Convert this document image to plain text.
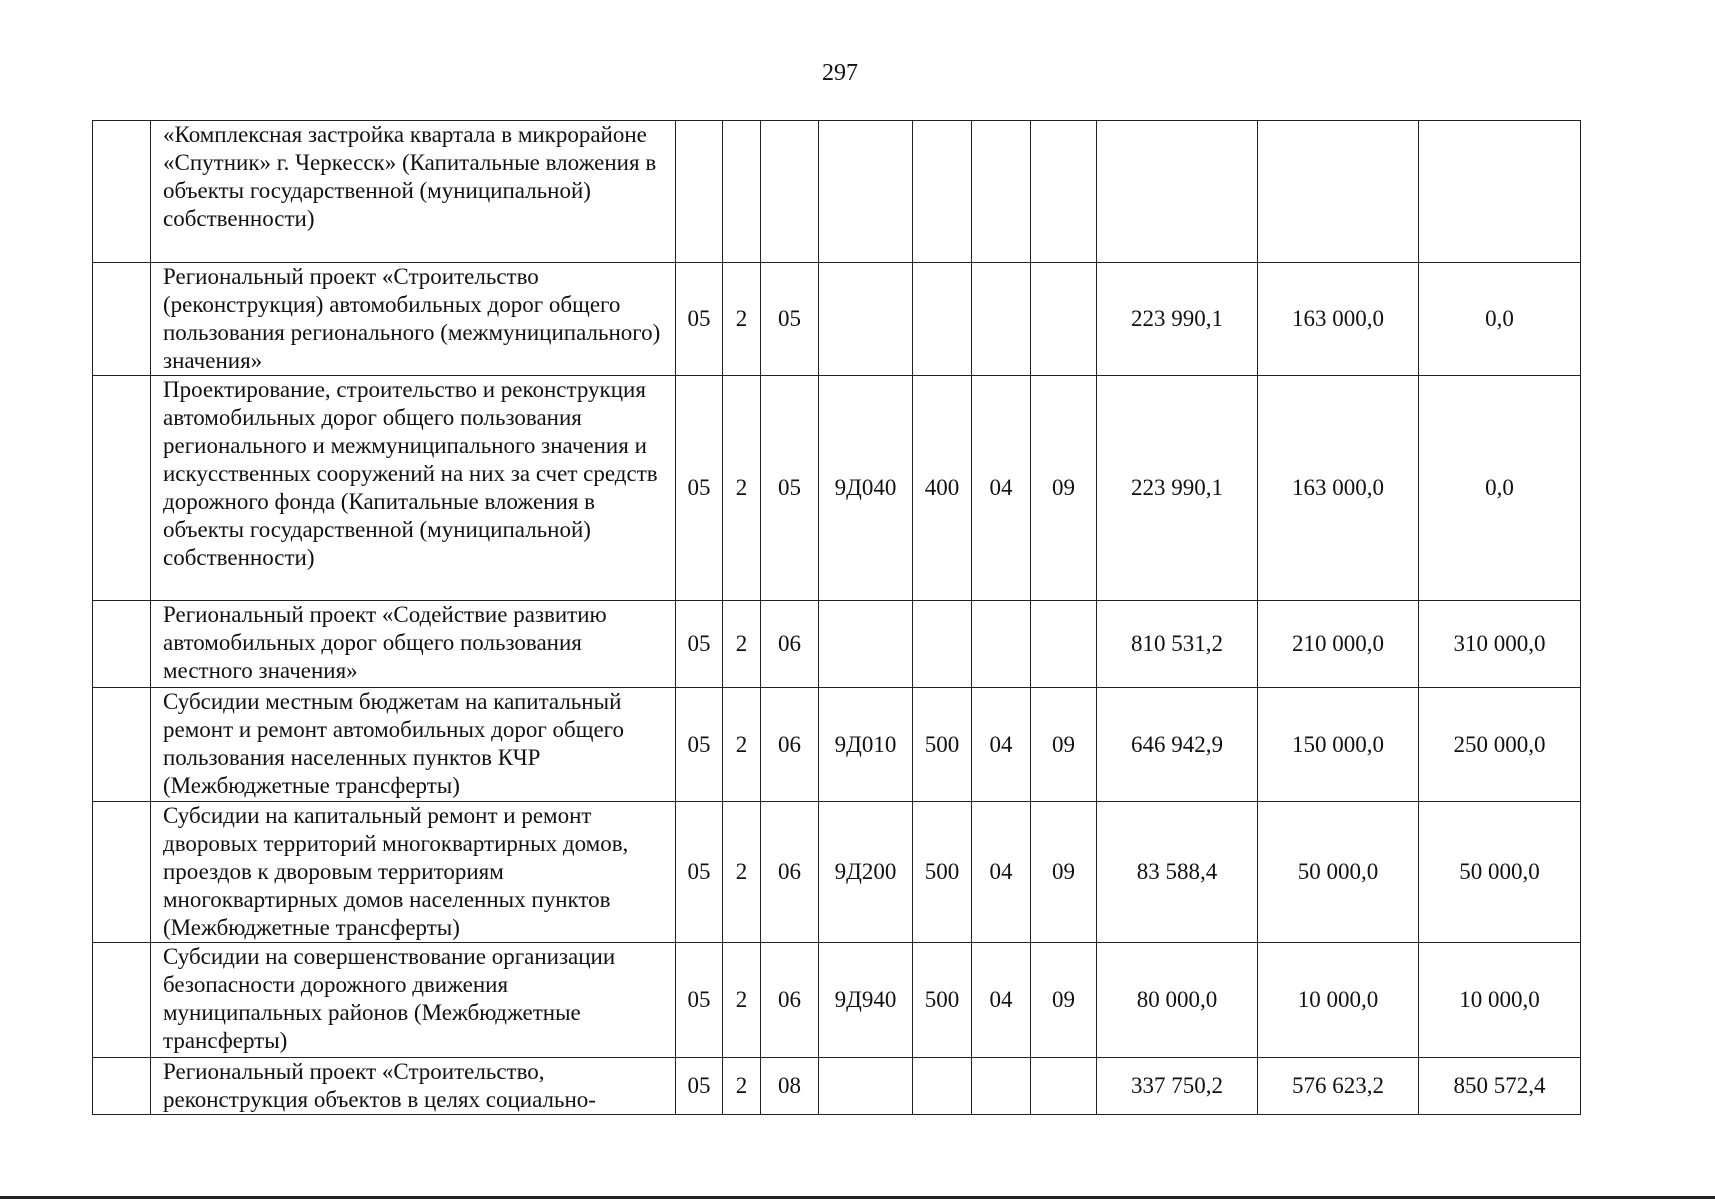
297
	«Комплексная застройка квартала в микрорайоне «Спутник» г. Черкесск» (Капитальные вложения в объекты государственной (муниципальной) собственности)										
	Региональный проект «Строительство (реконструкция) автомобильных дорог общего пользования регионального (межмуниципального) значения»	05	2	05					223 990,1	163 000,0	0,0
	Проектирование, строительство и реконструкция автомобильных дорог общего пользования регионального и межмуниципального значения и искусственных сооружений на них за счет средств дорожного фонда (Капитальные вложения в объекты государственной (муниципальной) собственности)	05	2	05	9Д040	400	04	09	223 990,1	163 000,0	0,0
	Региональный проект «Содействие развитию автомобильных дорог общего пользования местного значения»	05	2	06					810 531,2	210 000,0	310 000,0
	Субсидии местным бюджетам на капитальный ремонт и ремонт автомобильных дорог общего пользования населенных пунктов КЧР (Межбюджетные трансферты)	05	2	06	9Д010	500	04	09	646 942,9	150 000,0	250 000,0
	Субсидии на капитальный ремонт и ремонт дворовых территорий многоквартирных домов, проездов к дворовым территориям многоквартирных домов населенных пунктов (Межбюджетные трансферты)	05	2	06	9Д200	500	04	09	83 588,4	50 000,0	50 000,0
	Субсидии на совершенствование организации безопасности дорожного движения муниципальных районов (Межбюджетные трансферты)	05	2	06	9Д940	500	04	09	80 000,0	10 000,0	10 000,0
	Региональный проект «Строительство, реконструкция объектов в целях социально-	05	2	08					337 750,2	576 623,2	850 572,4
